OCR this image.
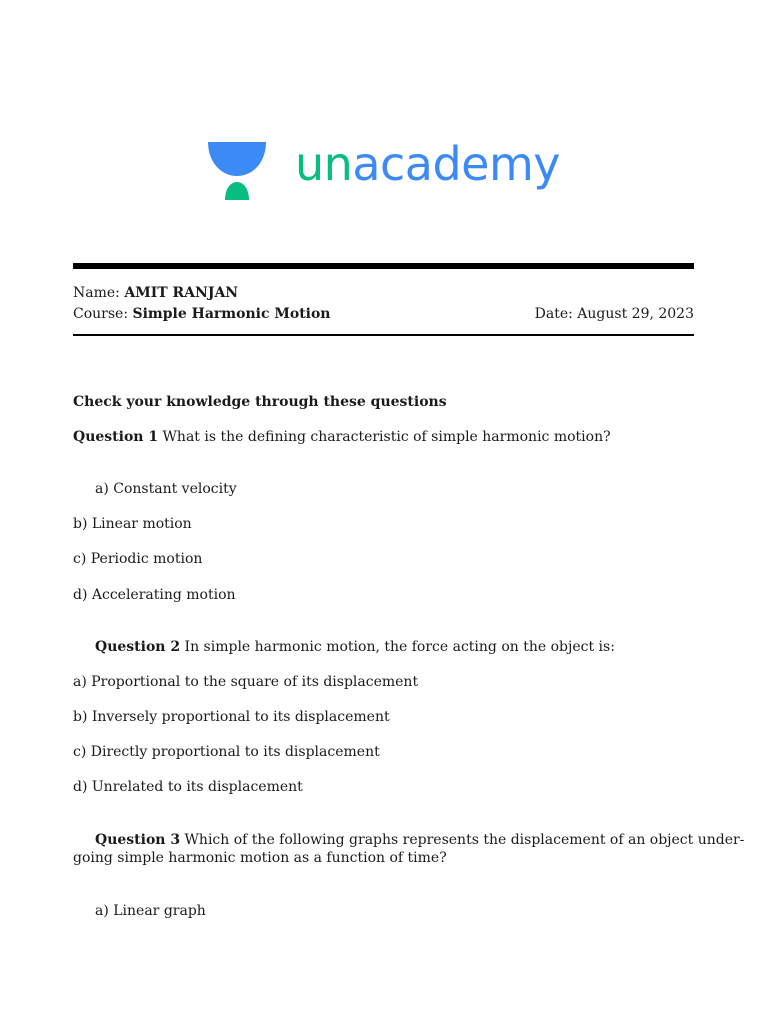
unacademy
Name: AMIT RANJAN
Course: Simple Harmonic Motion	Date: August 29, 2023
Check your knowledge through these questions
Question 1 What is the defining characteristic of simple harmonic motion?
a) Constant velocity
b) Linear motion
c) Periodic motion
d) Accelerating motion
Question 2 In simple harmonic motion, the force acting on the object is:
a) Proportional to the square of its displacement
b) Inversely proportional to its displacement
c) Directly proportional to its displacement
d) Unrelated to its displacement
Question 3 Which of the following graphs represents the displacement of an object under-
going simple harmonic motion as a function of time?
a) Linear graph
